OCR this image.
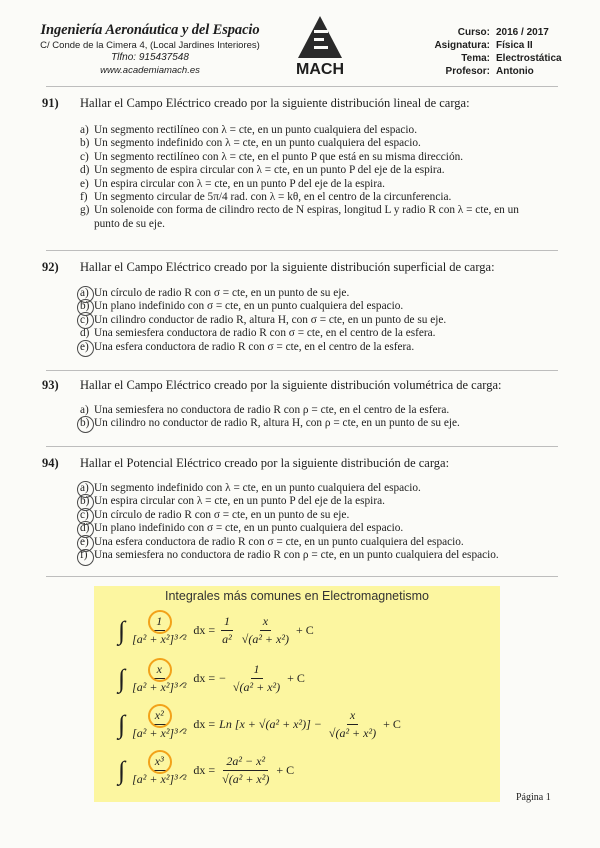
Ingeniería Aeronáutica y del Espacio
C/ Conde de la Cimera 4, (Local Jardines Interiores)
Tlfno: 915437548
www.academiamach.es	MACH
Curso: 2016 / 2017
Asignatura: Física II
Tema: Electrostática
Profesor: Antonio
91) Hallar el Campo Eléctrico creado por la siguiente distribución lineal de carga:
a) Un segmento rectilíneo con λ = cte, en un punto cualquiera del espacio.
b) Un segmento indefinido con λ = cte, en un punto cualquiera del espacio.
c) Un segmento rectilíneo con λ = cte, en el punto P que está en su misma dirección.
d) Un segmento de espira circular con λ = cte, en un punto P del eje de la espira.
e) Un espira circular con λ = cte, en un punto P del eje de la espira.
f) Un segmento circular de 5π/4 rad. con λ = kθ, en el centro de la circunferencia.
g) Un solenoide con forma de cilindro recto de N espiras, longitud L y radio R con λ = cte, en un
punto de su eje.
92) Hallar el Campo Eléctrico creado por la siguiente distribución superficial de carga:
a) Un círculo de radio R con σ = cte, en un punto de su eje.
b) Un plano indefinido con σ = cte, en un punto cualquiera del espacio.
c) Un cilindro conductor de radio R, altura H, con σ = cte, en un punto de su eje.
d) Una semiesfera conductora de radio R con σ = cte, en el centro de la esfera.
e) Una esfera conductora de radio R con σ = cte, en el centro de la esfera.
93) Hallar el Campo Eléctrico creado por la siguiente distribución volumétrica de carga:
a) Una semiesfera no conductora de radio R con ρ = cte, en el centro de la esfera.
b) Un cilindro no conductor de radio R, altura H, con ρ = cte, en un punto de su eje.
94) Hallar el Potencial Eléctrico creado por la siguiente distribución de carga:
a) Un segmento indefinido con λ = cte, en un punto cualquiera del espacio.
b) Un espira circular con λ = cte, en un punto P del eje de la espira.
c) Un círculo de radio R con σ = cte, en un punto de su eje.
d) Un plano indefinido con σ = cte, en un punto cualquiera del espacio.
e) Una esfera conductora de radio R con σ = cte, en un punto cualquiera del espacio.
f) Una semiesfera no conductora de radio R con ρ = cte, en un punto cualquiera del espacio.
Integrales más comunes en Electromagnetismo
∫ $\frac{1}{\text{[a² + x²]³ᐟ²}}$ dx = $\frac{1}{\text{a²}} \frac{x}{\text{√(a² + x²)}} + C$
∫ $\frac{x}{\text{[a² + x²]³ᐟ²}}$ dx = − $\frac{1}{\text{√(a² + x²)}} + C$
∫ $\frac{\text{x²}}{\text{[a² + x²]³ᐟ²}}$ dx = Ln $[x + √(a^2 + x^2)] - \frac{x}{\text{√(a² + x²)}} + C$
∫ $\frac{\text{x³}}{\text{[a² + x²]³ᐟ²}}$ dx = $\frac{\text{2a² − x²}}{\text{√(a² + x²)}} + C$
Página 1
